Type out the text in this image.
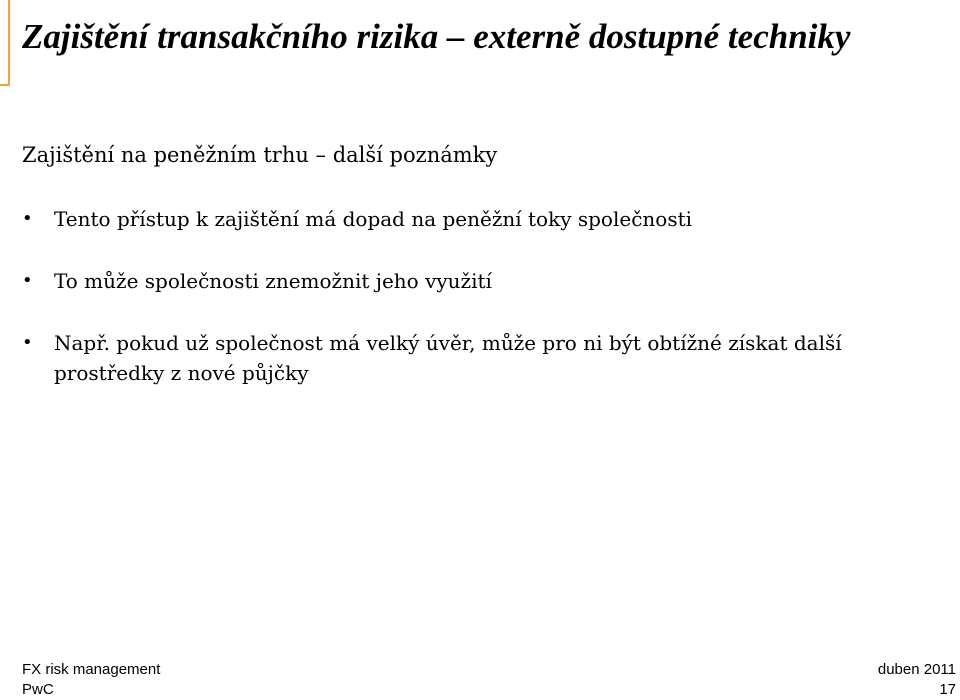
Zajištění transakčního rizika – externě dostupné techniky
Zajištění na peněžním trhu – další poznámky
• Tento přístup k zajištění má dopad na peněžní toky společnosti
• To může společnosti znemožnit jeho využití
• Např. pokud už společnost má velký úvěr, může pro ni být obtížné získat další prostředky z nové půjčky
FX risk management
PwC
duben 2011
17
